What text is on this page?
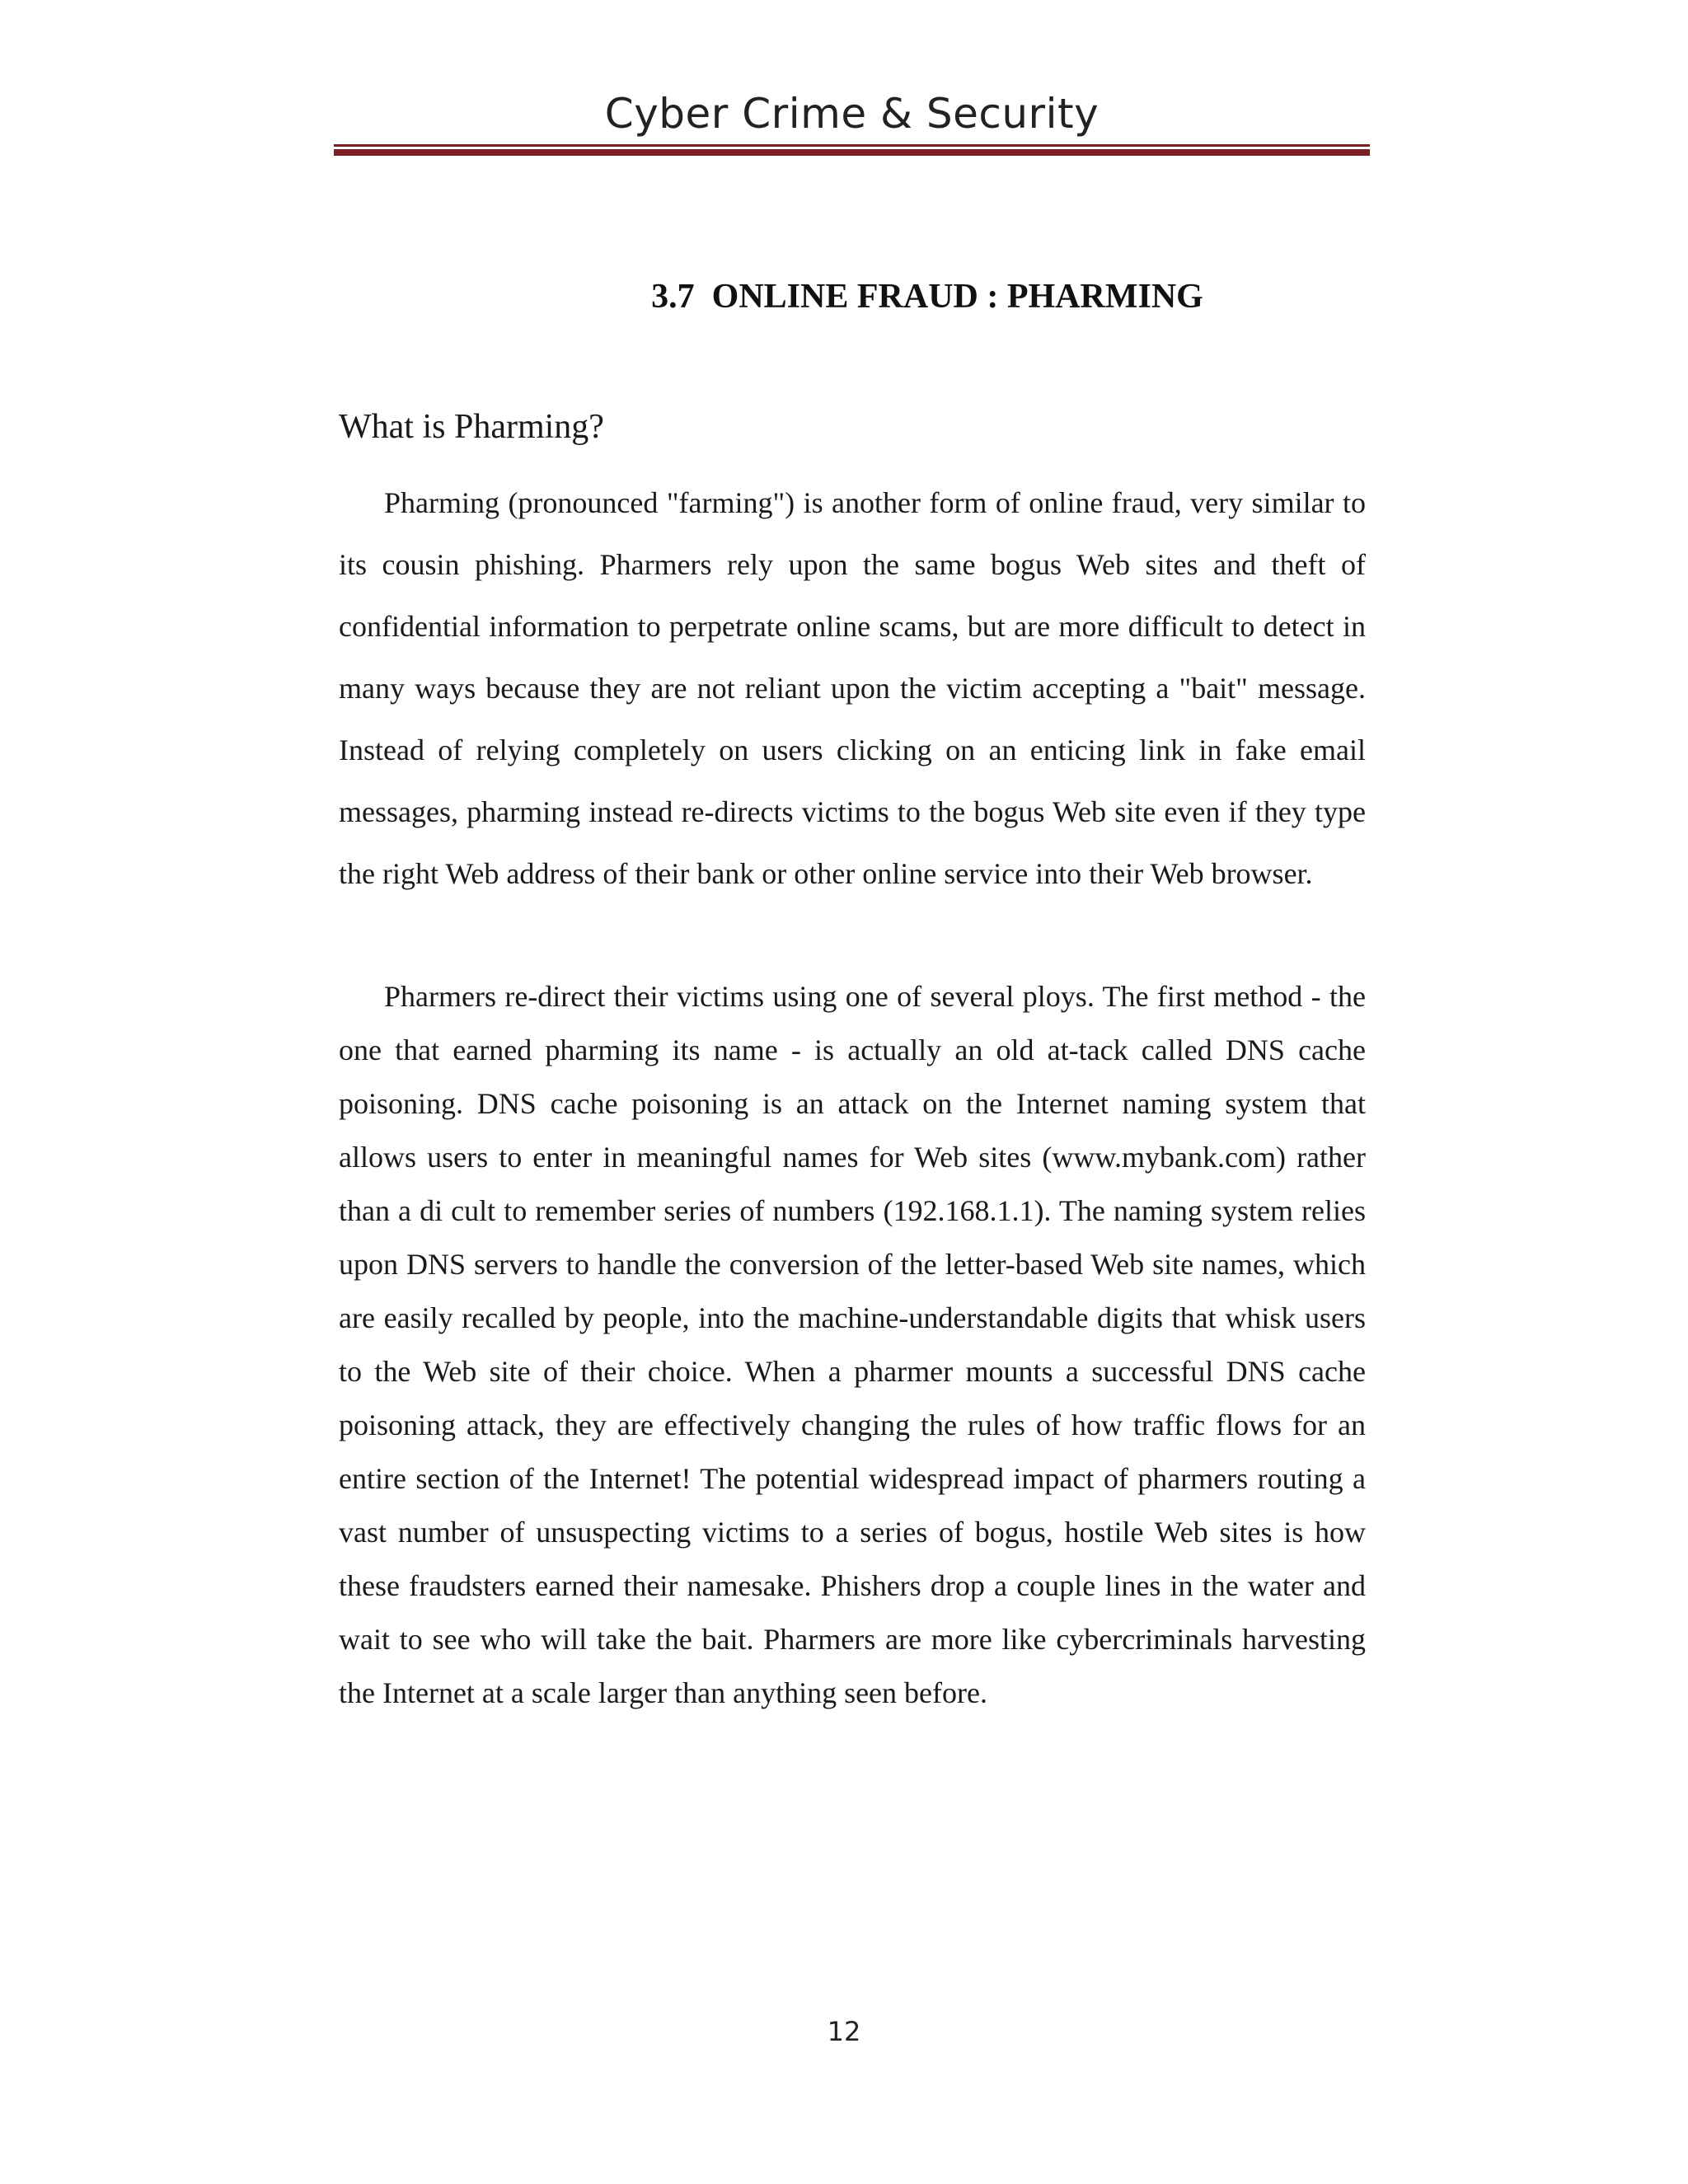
Cyber Crime & Security
3.7  ONLINE FRAUD : PHARMING
What is Pharming?

Pharming (pronounced "farming") is another form of online fraud, very similar to its cousin phishing. Pharmers rely upon the same bogus Web sites and theft of confidential information to perpetrate online scams, but are more difficult to detect in many ways because they are not reliant upon the victim accepting a "bait" message. Instead of relying completely on users clicking on an enticing link in fake email messages, pharming instead re-directs victims to the bogus Web site even if they type the right Web address of their bank or other online service into their Web browser.

Pharmers re-direct their victims using one of several ploys. The first method - the one that earned pharming its name - is actually an old at-tack called DNS cache poisoning. DNS cache poisoning is an attack on the Internet naming system that allows users to enter in meaningful names for Web sites (www.mybank.com) rather than a di cult to remember series of numbers (192.168.1.1). The naming system relies upon DNS servers to handle the conversion of the letter-based Web site names, which are easily recalled by people, into the machine-understandable digits that whisk users to the Web site of their choice. When a pharmer mounts a successful DNS cache poisoning attack, they are effectively changing the rules of how traffic flows for an entire section of the Internet! The potential widespread impact of pharmers routing a vast number of unsuspecting victims to a series of bogus, hostile Web sites is how these fraudsters earned their namesake. Phishers drop a couple lines in the water and wait to see who will take the bait. Pharmers are more like cybercriminals harvesting the Internet at a scale larger than anything seen before.

12
